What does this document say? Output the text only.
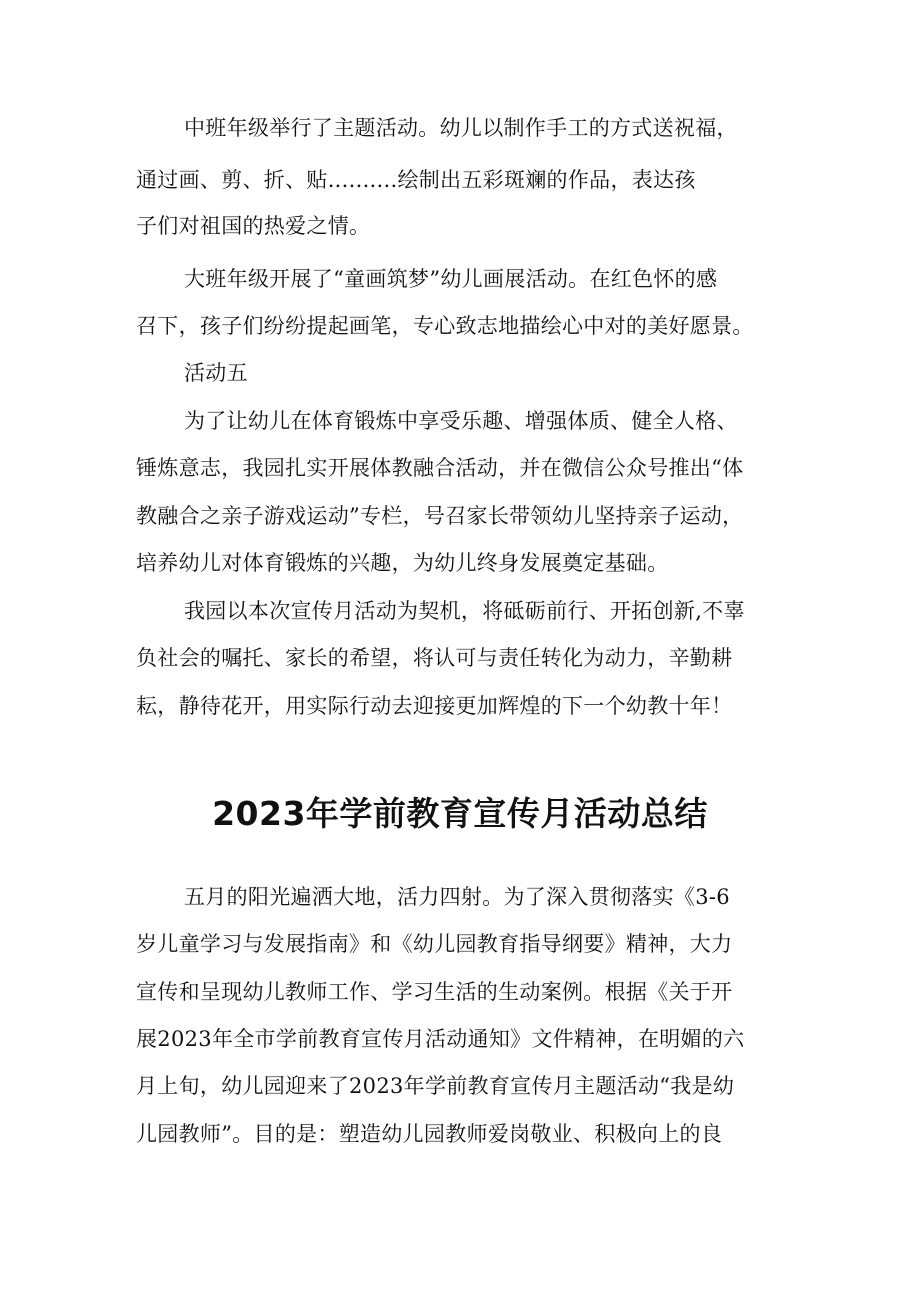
中班年级举行了主题活动。幼儿以制作手工的方式送祝福，

通过画、剪、折、贴..........绘制出五彩斑斓的作品，表达孩

子们对祖国的热爱之情。

大班年级开展了“童画筑梦”幼儿画展活动。在红色怀的感

召下，孩子们纷纷提起画笔，专心致志地描绘心中对的美好愿景。

活动五

为了让幼儿在体育锻炼中享受乐趣、增强体质、健全人格、

锤炼意志，我园扎实开展体教融合活动，并在微信公众号推出“体

教融合之亲子游戏运动”专栏，号召家长带领幼儿坚持亲子运动，

培养幼儿对体育锻炼的兴趣，为幼儿终身发展奠定基础。

我园以本次宣传月活动为契机，将砥砺前行、开拓创新,不辜

负社会的嘱托、家长的希望，将认可与责任转化为动力，辛勤耕

耘，静待花开，用实际行动去迎接更加辉煌的下一个幼教十年！

2023年学前教育宣传月活动总结

五月的阳光遍洒大地，活力四射。为了深入贯彻落实《3-6

岁儿童学习与发展指南》和《幼儿园教育指导纲要》精神，大力

宣传和呈现幼儿教师工作、学习生活的生动案例。根据《关于开

展2023年全市学前教育宣传月活动通知》文件精神，在明媚的六

月上旬，幼儿园迎来了2023年学前教育宣传月主题活动“我是幼

儿园教师”。目的是：塑造幼儿园教师爱岗敬业、积极向上的良
